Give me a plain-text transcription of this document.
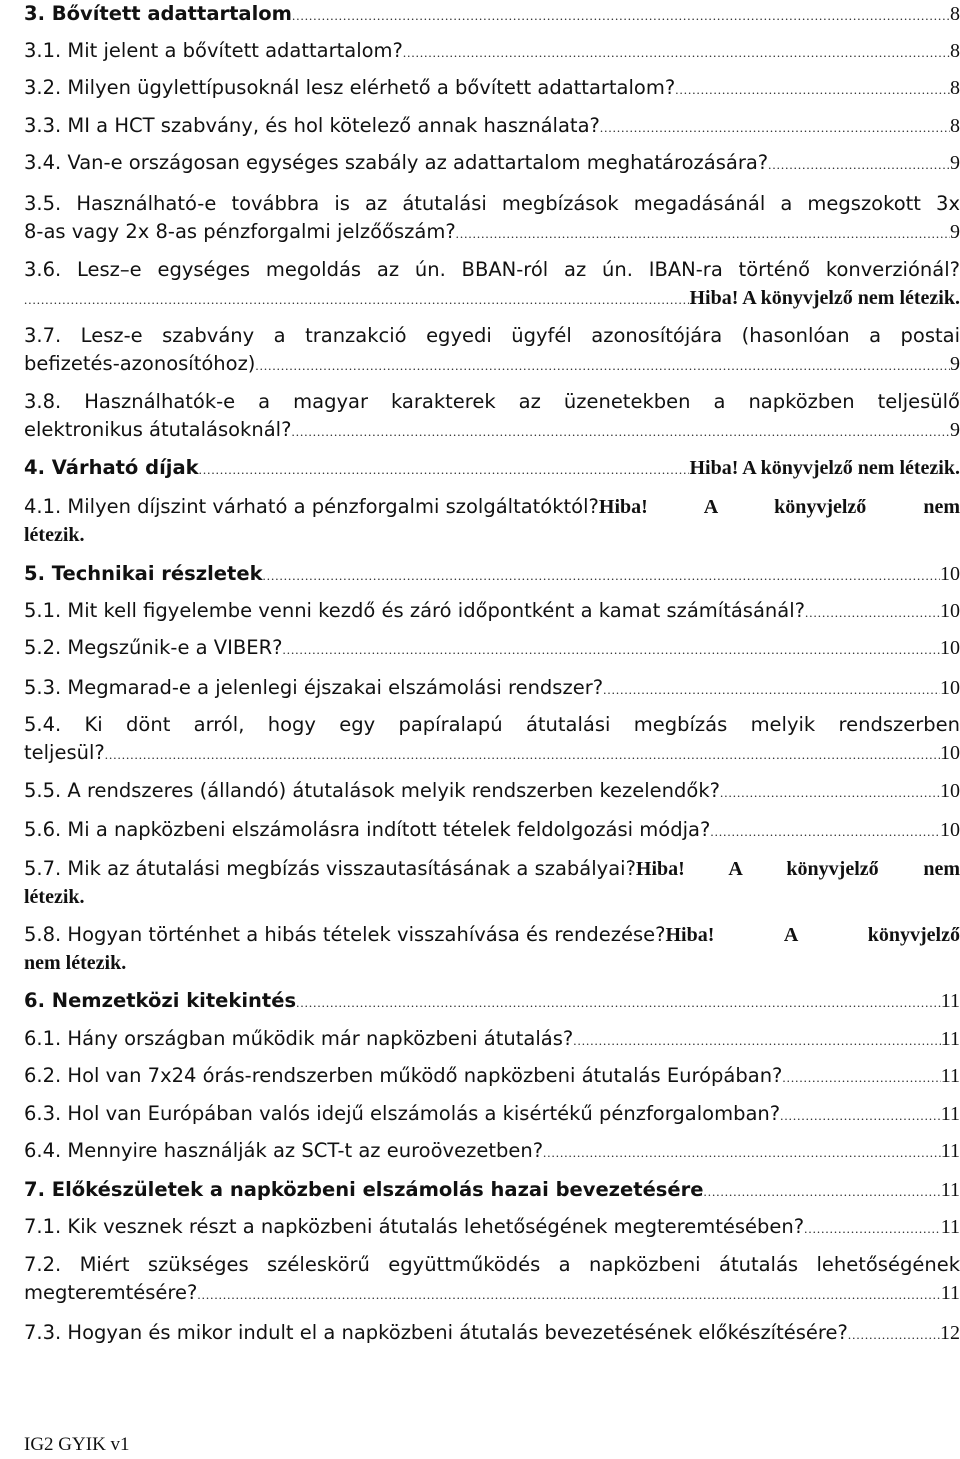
3. Bővített adattartalom .....	8
3.1. Mit jelent a bővített adattartalom? .....	8
3.2. Milyen ügylettípusoknál lesz elérhető a bővített adattartalom? .....	8
3.3. MI a HCT szabvány, és hol kötelező annak használata? .....	8
3.4. Van-e országosan egységes szabály az adattartalom meghatározására? .....	9
3.5. Használható-e továbbra is az átutalási megbízások megadásánál a megszokott 3x
8-as vagy 2x 8-as pénzforgalmi jelzőőszám? .....	9
3.6. Lesz–e egységes megoldás az ún. BBAN-ról az ún. IBAN-ra történő konverziónál?
.....
Hiba! A könyvjelző nem létezik.
3.7. Lesz-e szabvány a tranzakció egyedi ügyfél azonosítójára (hasonlóan a postai
befizetés-azonosítóhoz) .....	9
3.8. Használhatók-e a magyar karakterek az üzenetekben a napközben teljesülő
elektronikus átutalásoknál? .....	9
4. Várható díjak .....	Hiba! A könyvjelző nem létezik.
4.1. Milyen díjszint várható a pénzforgalmi szolgáltatóktól? Hiba! A könyvjelző nem
létezik.
5. Technikai részletek .....	10
5.1. Mit kell figyelembe venni kezdő és záró időpontként a kamat számításánál? .....	10
5.2. Megszűnik-e a VIBER? .....	10
5.3. Megmarad-e a jelenlegi éjszakai elszámolási rendszer? .....	10
5.4. Ki dönt arról, hogy egy papíralapú átutalási megbízás melyik rendszerben
teljesül? .....	10
5.5. A rendszeres (állandó) átutalások melyik rendszerben kezelendők? .....	10
5.6. Mi a napközbeni elszámolásra indított tételek feldolgozási módja? .....	10
5.7. Mik az átutalási megbízás visszautasításának a szabályai? Hiba! A könyvjelző nem
létezik.
5.8. Hogyan történhet a hibás tételek visszahívása és rendezése? Hiba! A könyvjelző
nem létezik.
6. Nemzetközi kitekintés .....	11
6.1. Hány országban működik már napközbeni átutalás? .....	11
6.2. Hol van 7x24 órás-rendszerben működő napközbeni átutalás Európában? .....	11
6.3. Hol van Európában valós idejű elszámolás a kisértékű pénzforgalomban? .....	11
6.4. Mennyire használják az SCT-t az euroövezetben? .....	11
7. Előkészületek a napközbeni elszámolás hazai bevezetésére .....	11
7.1. Kik vesznek részt a napközbeni átutalás lehetőségének megteremtésében? .....	11
7.2. Miért szükséges széleskörű együttműködés a napközbeni átutalás lehetőségének
megteremtésére? .....	11
7.3. Hogyan és mikor indult el a napközbeni átutalás bevezetésének előkészítésére? .....	12
IG2 GYIK v1
